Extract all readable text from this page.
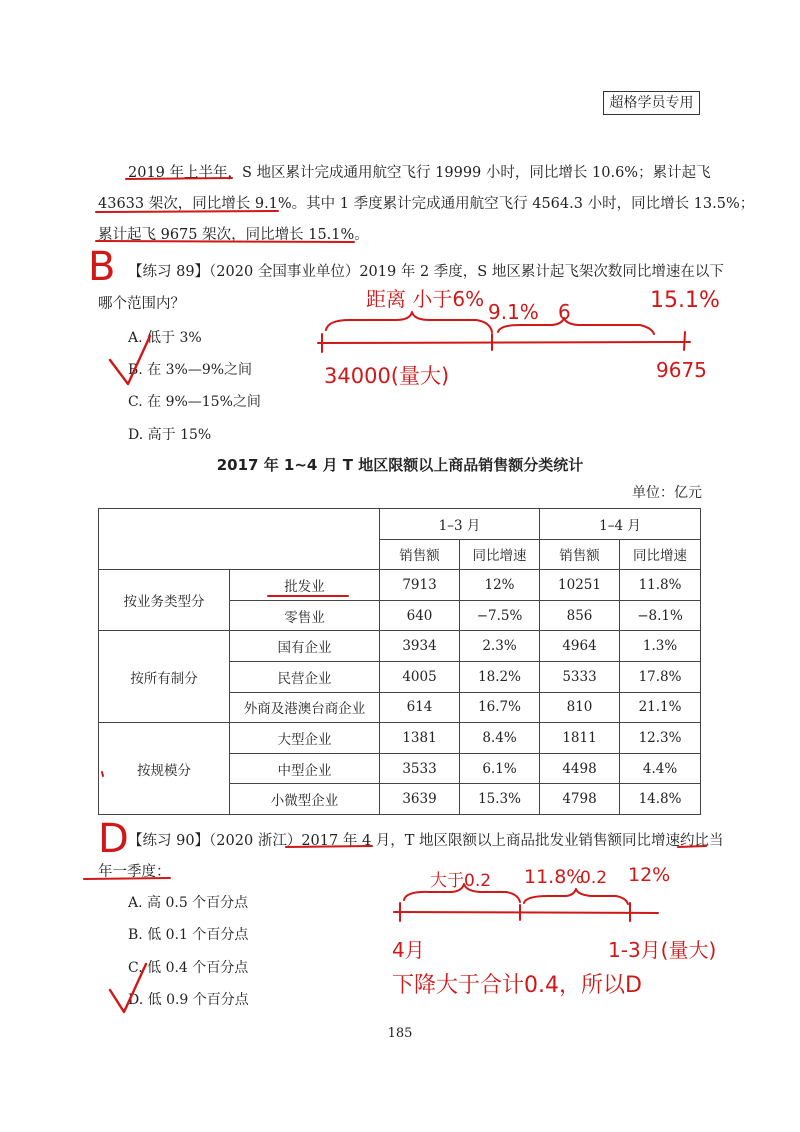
超格学员专用
2019 年上半年，S 地区累计完成通用航空飞行 19999 小时，同比增长 10.6%；累计起飞
43633 架次，同比增长 9.1%。其中 1 季度累计完成通用航空飞行 4564.3 小时，同比增长 13.5%；
累计起飞 9675 架次，同比增长 15.1%。
【练习 89】（2020 全国事业单位）2019 年 2 季度，S 地区累计起飞架次数同比增速在以下
哪个范围内？
A. 低于 3%
B. 在 3%—9%之间
C. 在 9%—15%之间
D. 高于 15%
2017 年 1~4 月 T 地区限额以上商品销售额分类统计
单位：亿元
		1–3 月		1–4 月	
		销售额	同比增速	销售额	同比增速
按业务类型分	批发业	7913	12%	10251	11.8%
	零售业	640	−7.5%	856	−8.1%
按所有制分	国有企业	3934	2.3%	4964	1.3%
	民营企业	4005	18.2%	5333	17.8%
	外商及港澳台商企业	614	16.7%	810	21.1%
按规模分	大型企业	1381	8.4%	1811	12.3%
	中型企业	3533	6.1%	4498	4.4%
	小微型企业	3639	15.3%	4798	14.8%
【练习 90】（2020 浙江）2017 年 4 月，T 地区限额以上商品批发业销售额同比增速约比当
年一季度：
A. 高 0.5 个百分点
B. 低 0.1 个百分点
C. 低 0.4 个百分点
D. 低 0.9 个百分点
185
B
距离 小于6%
9.1% 6	15.1%
34000(量大)	9675
D
大于0.2 11.8%
0.2 12%
4月	1-3月(量大)
下降大于合计0.4，所以D
